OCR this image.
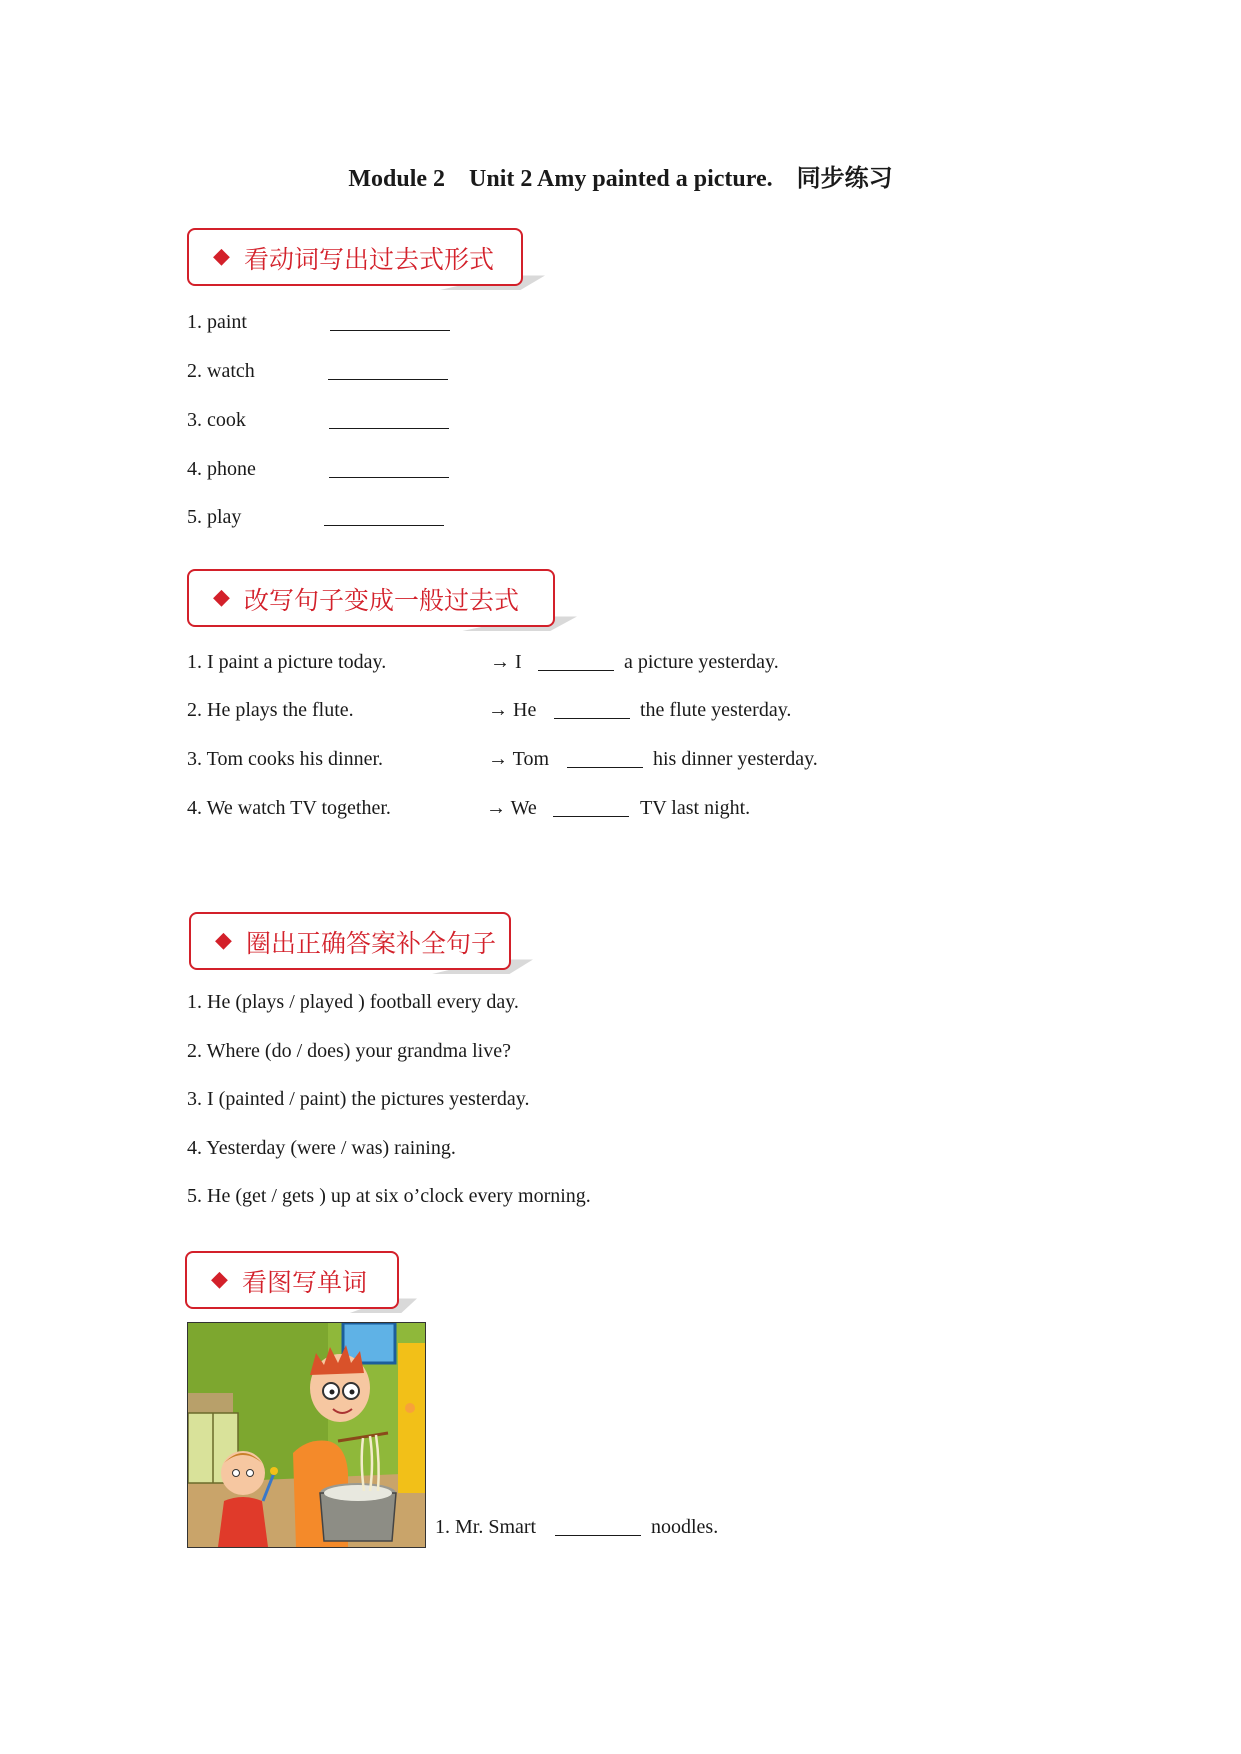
Module 2    Unit 2 Amy painted a picture.    同步练习
◆ 看动词写出过去式形式
1. paint
2. watch
3. cook
4. phone
5. play
◆ 改写句子变成一般过去式
1. I paint a picture today.	→ I	a picture yesterday.
2. He plays the flute.	→ He	the flute yesterday.
3. Tom cooks his dinner.	→ Tom	his dinner yesterday.
4. We watch TV together.	→ We	TV last night.
◆ 圈出正确答案补全句子
1. He (plays / played ) football every day.
2. Where (do / does) your grandma live?
3. I (painted / paint) the pictures yesterday.
4. Yesterday (were / was) raining.
5. He (get / gets ) up at six o’clock every morning.
◆ 看图写单词
1. Mr. Smart	noodles.
